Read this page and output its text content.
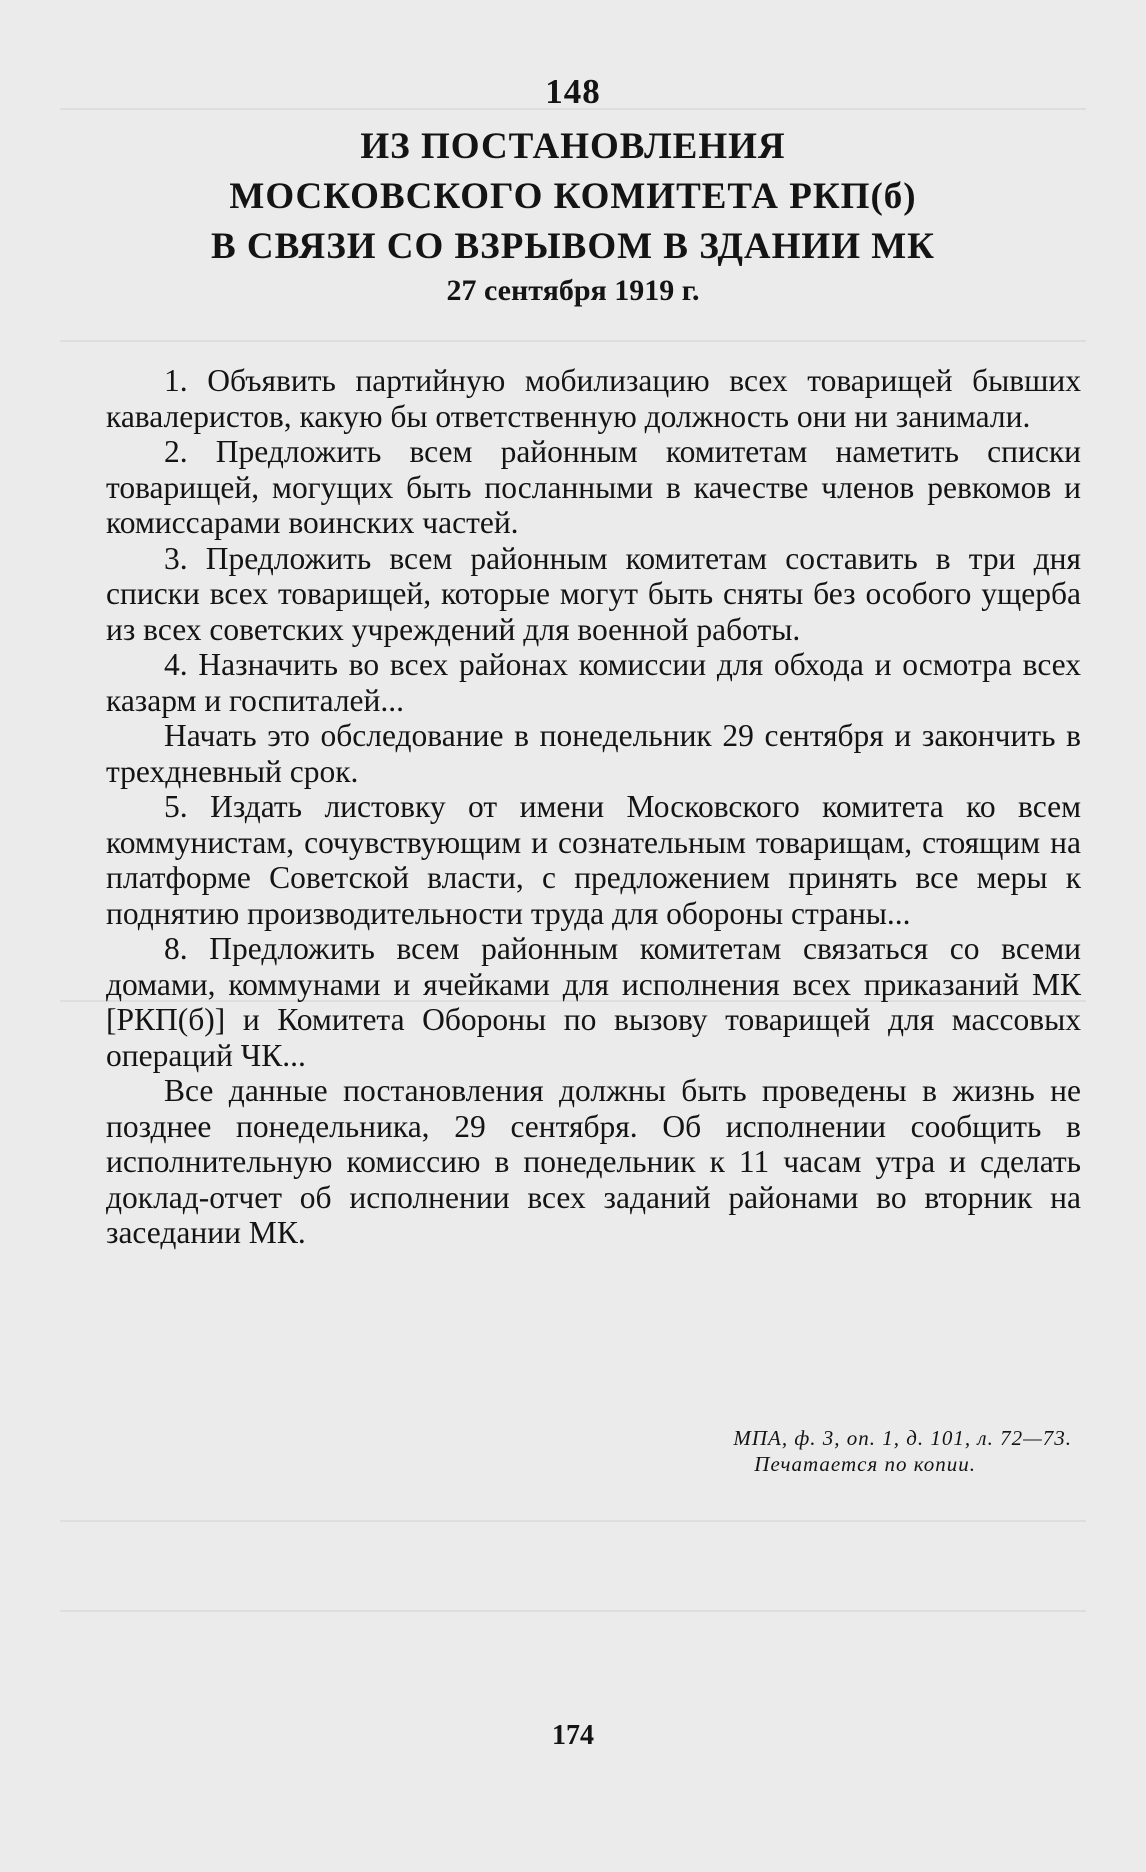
148
ИЗ ПОСТАНОВЛЕНИЯ
МОСКОВСКОГО КОМИТЕТА РКП(б)
В СВЯЗИ СО ВЗРЫВОМ В ЗДАНИИ МК
27 сентября 1919 г.

1. Объявить партийную мобилизацию всех товарищей бывших кавалеристов, какую бы ответственную должность они ни занимали.

2. Предложить всем районным комитетам наметить списки товарищей, могущих быть посланными в качестве членов ревкомов и комиссарами воинских частей.

3. Предложить всем районным комитетам составить в три дня списки всех товарищей, которые могут быть сняты без особого ущерба из всех советских учреждений для военной работы.

4. Назначить во всех районах комиссии для обхода и осмотра всех казарм и госпиталей...

Начать это обследование в понедельник 29 сентября и закончить в трехдневный срок.

5. Издать листовку от имени Московского комитета ко всем коммунистам, сочувствующим и сознательным товарищам, стоящим на платформе Советской власти, с предложением принять все меры к поднятию производительности труда для обороны страны...

8. Предложить всем районным комитетам связаться со всеми домами, коммунами и ячейками для исполнения всех приказаний МК [РКП(б)] и Комитета Обороны по вызову товарищей для массовых операций ЧК...

Все данные постановления должны быть проведены в жизнь не позднее понедельника, 29 сентября. Об исполнении сообщить в исполнительную комиссию в понедельник к 11 часам утра и сделать доклад-отчет об исполнении всех заданий районами во вторник на заседании МК.

МПА, ф. 3, оп. 1, д. 101, л. 72—73.
Печатается по копии.
174
